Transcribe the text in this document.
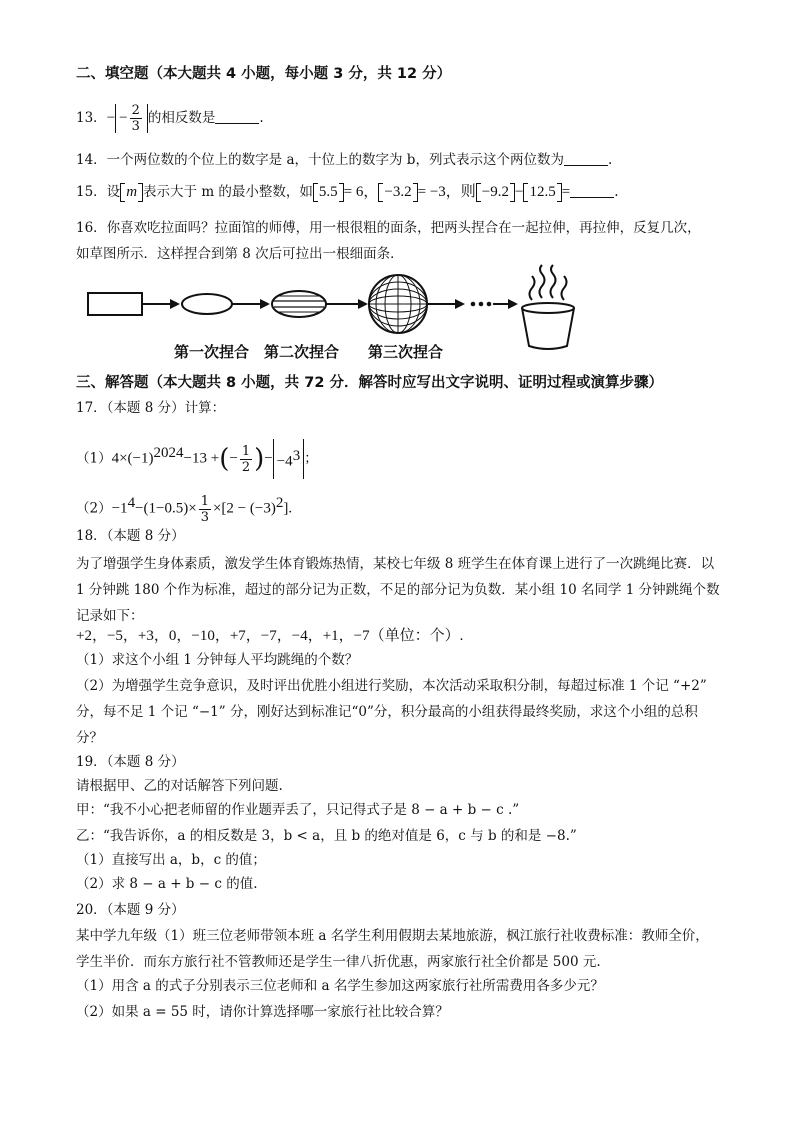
二、填空题（本大题共 4 小题，每小题 3 分，共 12 分）
13．− − $\frac{2}{3}$ 的相反数是	.
14．一个两位数的个位上的数字是 a，十位上的数字为 b，列式表示这个两位数为	.
15．设 m 表示大于 m 的最小整数，如 5.5 = 6， −3.2 = −3，则 −9.2 − 12.5 =	.
16．你喜欢吃拉面吗？拉面馆的师傅，用一根很粗的面条，把两头捏合在一起拉伸，再拉伸，反复几次，
如草图所示．这样捏合到第 8 次后可拉出一根细面条．
第一次捏合 第二次捏合 第三次捏合
三、解答题（本大题共 8 小题，共 72 分．解答时应写出文字说明、证明过程或演算步骤）
17．（本题 8 分）计算：
$(1)4\times(-1)^{2024}-13$ +(− $\frac{1}{2}$ )− $-4^3$ ；
$(2)-1^4-(1-0.5)\times \frac{1}{3} \times[2 - (-3)^2]$.
18．（本题 8 分）
为了增强学生身体素质，激发学生体育锻炼热情，某校七年级 8 班学生在体育课上进行了一次跳绳比赛．以
1 分钟跳 180 个作为标准，超过的部分记为正数，不足的部分记为负数．某小组 10 名同学 1 分钟跳绳个数
记录如下：
+2，−5，+3，0，−10，+7，−7，−4，+1，−7（单位：个）.
（1）求这个小组 1 分钟每人平均跳绳的个数？
（2）为增强学生竞争意识，及时评出优胜小组进行奖励，本次活动采取积分制，每超过标准 1 个记 “+2”
分，每不足 1 个记 “−1” 分，刚好达到标准记“0”分，积分最高的小组获得最终奖励，求这个小组的总积
分？
19．（本题 8 分）
请根据甲、乙的对话解答下列问题.
甲：“我不小心把老师留的作业题弄丢了，只记得式子是 8 − a + b − c .”
乙：“我告诉你，a 的相反数是 3，b < a，且 b 的绝对值是 6，c 与 b 的和是 −8.”
（1）直接写出 a，b，c 的值；
（2）求 8 − a + b − c 的值.
20．（本题 9 分）
某中学九年级（1）班三位老师带领本班 a 名学生利用假期去某地旅游，枫江旅行社收费标准：教师全价，
学生半价．而东方旅行社不管教师还是学生一律八折优惠，两家旅行社全价都是 500 元.
（1）用含 a 的式子分别表示三位老师和 a 名学生参加这两家旅行社所需费用各多少元？
（2）如果 a = 55 时，请你计算选择哪一家旅行社比较合算？
